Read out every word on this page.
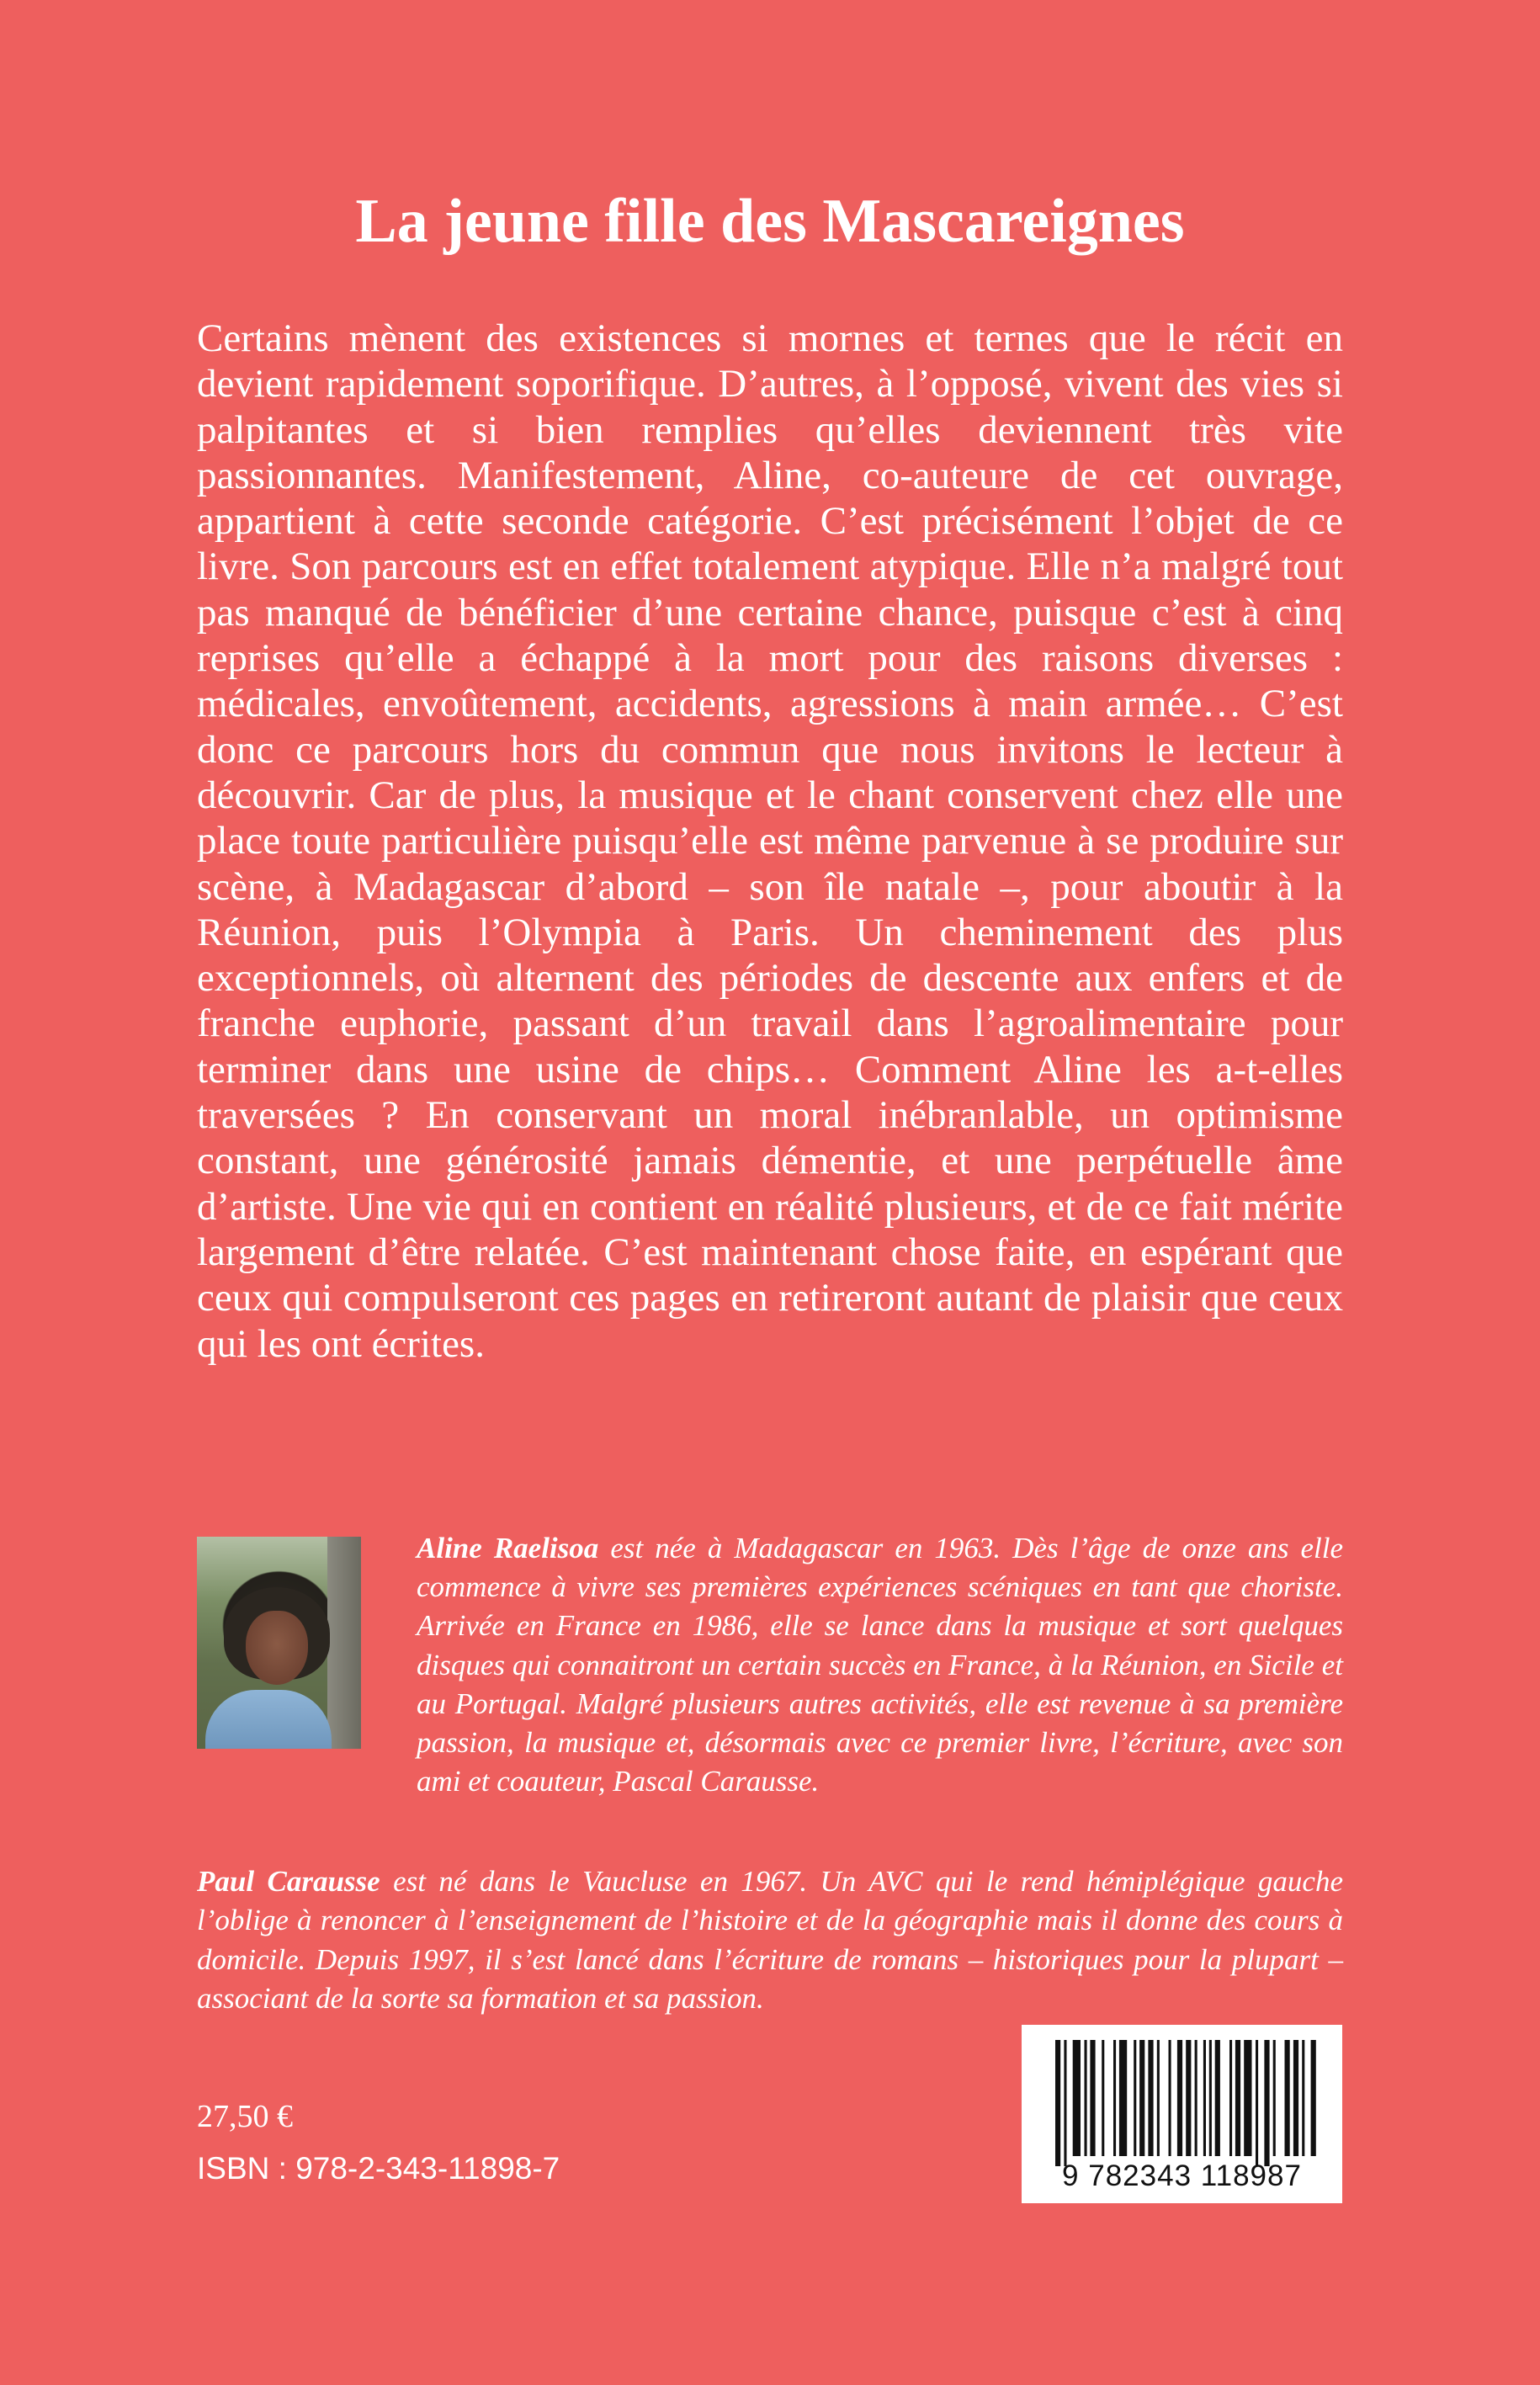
La jeune fille des Mascareignes

Certains mènent des existences si mornes et ternes que le récit en devient rapidement soporifique. D’autres, à l’opposé, vivent des vies si palpitantes et si bien remplies qu’elles deviennent très vite passionnantes. Manifestement, Aline, co-auteure de cet ouvrage, appartient à cette seconde catégorie. C’est précisément l’objet de ce livre. Son parcours est en effet totalement atypique. Elle n’a malgré tout pas manqué de bénéficier d’une certaine chance, puisque c’est à cinq reprises qu’elle a échappé à la mort pour des raisons diverses : médicales, envoûtement, accidents, agressions à main armée… C’est donc ce parcours hors du commun que nous invitons le lecteur à découvrir. Car de plus, la musique et le chant conservent chez elle une place toute particulière puisqu’elle est même parvenue à se produire sur scène, à Madagascar d’abord – son île natale –, pour aboutir à la Réunion, puis l’Olympia à Paris. Un cheminement des plus exceptionnels, où alternent des périodes de descente aux enfers et de franche euphorie, passant d’un travail dans l’agroalimentaire pour terminer dans une usine de chips… Comment Aline les a-t-elles traversées ? En conservant un moral inébranlable, un optimisme constant, une générosité jamais démentie, et une perpétuelle âme d’artiste. Une vie qui en contient en réalité plusieurs, et de ce fait mérite largement d’être relatée. C’est maintenant chose faite, en espérant que ceux qui compulseront ces pages en retireront autant de plaisir que ceux qui les ont écrites.

Aline Raelisoa est née à Madagascar en 1963. Dès l’âge de onze ans elle commence à vivre ses premières expériences scéniques en tant que choriste. Arrivée en France en 1986, elle se lance dans la musique et sort quelques disques qui connaitront un certain succès en France, à la Réunion, en Sicile et au Portugal. Malgré plusieurs autres activités, elle est revenue à sa première passion, la musique et, désormais avec ce premier livre, l’écriture, avec son ami et coauteur, Pascal Carausse.

Paul Carausse est né dans le Vaucluse en 1967. Un AVC qui le rend hémiplégique gauche l’oblige à renoncer à l’enseignement de l’histoire et de la géographie mais il donne des cours à domicile. Depuis 1997, il s’est lancé dans l’écriture de romans – historiques pour la plupart – associant de la sorte sa formation et sa passion.

27,50 €
ISBN : 978-2-343-11898-7	9 782343 118987
